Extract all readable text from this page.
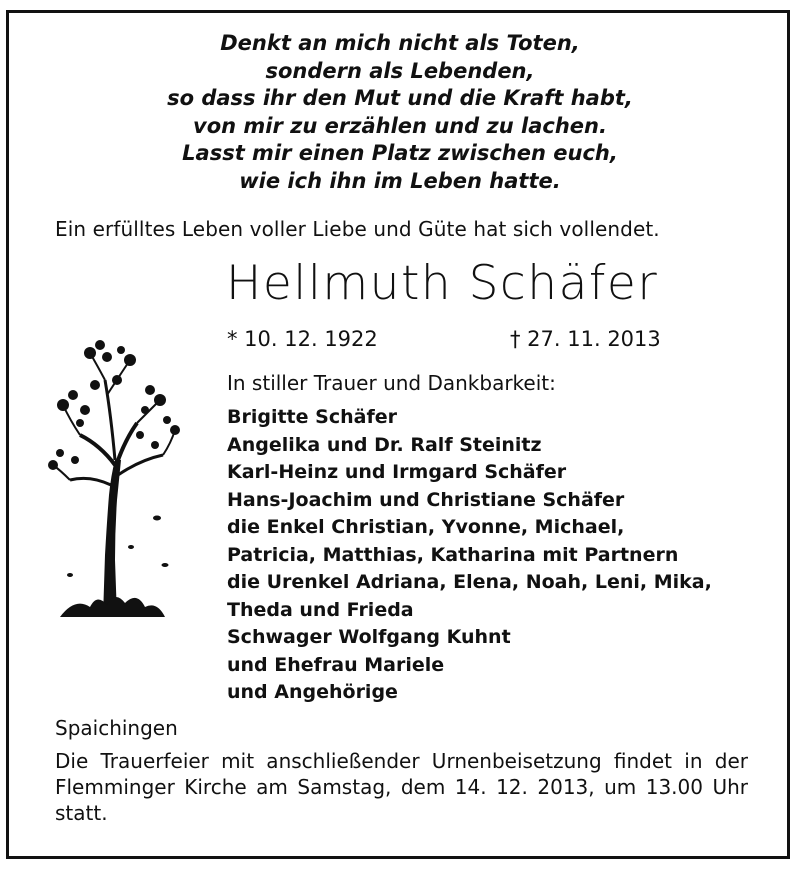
Denkt an mich nicht als Toten,
sondern als Lebenden,
so dass ihr den Mut und die Kraft habt,
von mir zu erzählen und zu lachen.
Lasst mir einen Platz zwischen euch,
wie ich ihn im Leben hatte.
Ein erfülltes Leben voller Liebe und Güte hat sich vollendet.
Hellmuth Schäfer
* 10. 12. 1922	† 27. 11. 2013
In stiller Trauer und Dankbarkeit:
Brigitte Schäfer
Angelika und Dr. Ralf Steinitz
Karl-Heinz und Irmgard Schäfer
Hans-Joachim und Christiane Schäfer
die Enkel Christian, Yvonne, Michael,
Patricia, Matthias, Katharina mit Partnern
die Urenkel Adriana, Elena, Noah, Leni, Mika,
Theda und Frieda
Schwager Wolfgang Kuhnt
und Ehefrau Mariele
und Angehörige
Spaichingen
Die Trauerfeier mit anschließender Urnenbeisetzung findet in der Flemminger Kirche am Samstag, dem 14. 12. 2013, um 13.00 Uhr statt.
